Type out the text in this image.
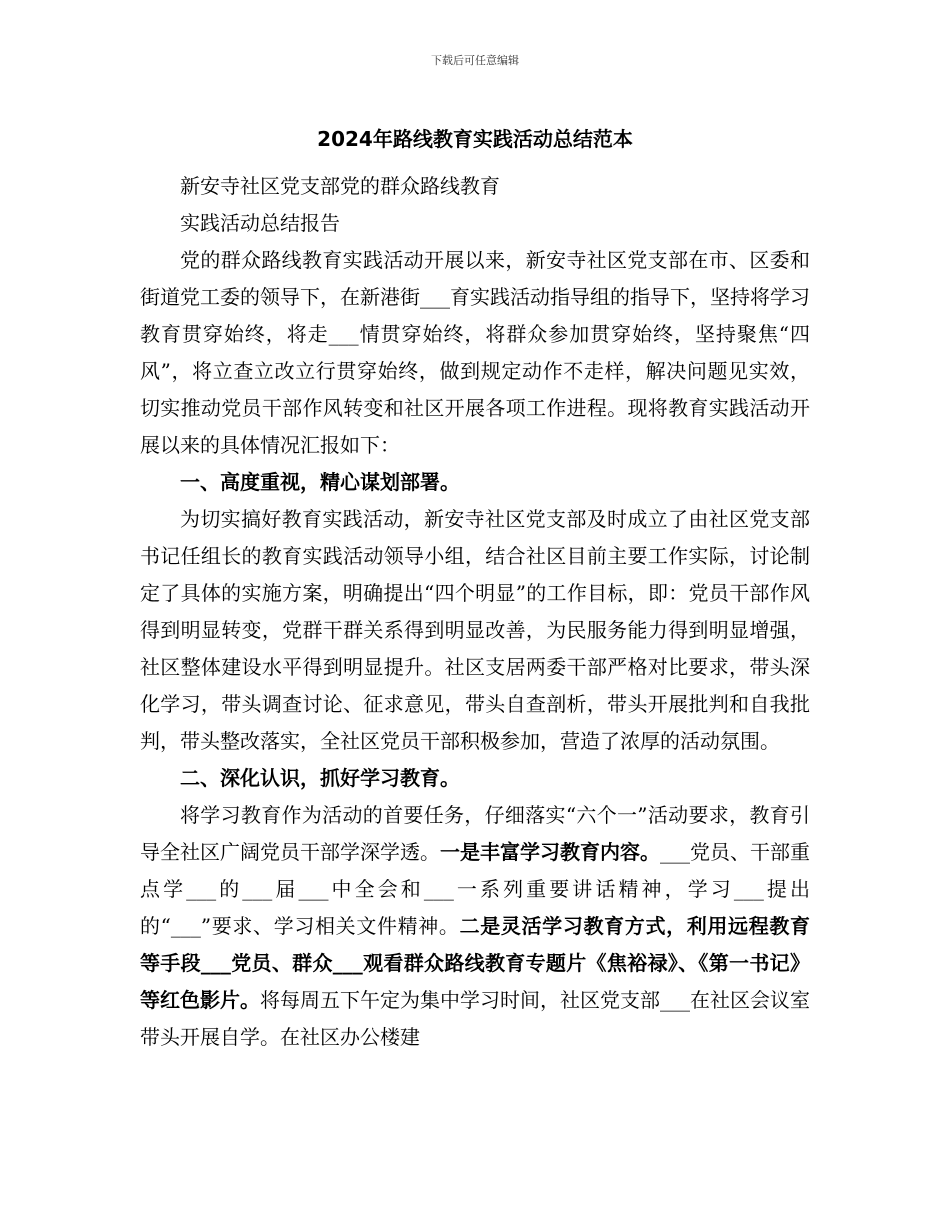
下载后可任意编辑
2024年路线教育实践活动总结范本

新安寺社区党支部党的群众路线教育

实践活动总结报告

党的群众路线教育实践活动开展以来，新安寺社区党支部在市、区委和街道党工委的领导下，在新港街___育实践活动指导组的指导下，坚持将学习教育贯穿始终，将走___情贯穿始终，将群众参加贯穿始终，坚持聚焦“四风”，将立查立改立行贯穿始终，做到规定动作不走样，解决问题见实效，切实推动党员干部作风转变和社区开展各项工作进程。现将教育实践活动开展以来的具体情况汇报如下：

一、高度重视，精心谋划部署。

为切实搞好教育实践活动，新安寺社区党支部及时成立了由社区党支部书记任组长的教育实践活动领导小组，结合社区目前主要工作实际，讨论制定了具体的实施方案，明确提出“四个明显”的工作目标，即：党员干部作风得到明显转变，党群干群关系得到明显改善，为民服务能力得到明显增强，社区整体建设水平得到明显提升。社区支居两委干部严格对比要求，带头深化学习，带头调查讨论、征求意见，带头自查剖析，带头开展批判和自我批判，带头整改落实，全社区党员干部积极参加，营造了浓厚的活动氛围。

二、深化认识，抓好学习教育。

将学习教育作为活动的首要任务，仔细落实“六个一”活动要求，教育引导全社区广阔党员干部学深学透。一是丰富学习教育内容。___党员、干部重点学___的___届___中全会和___一系列重要讲话精神，学习___提出的“___”要求、学习相关文件精神。二是灵活学习教育方式，利用远程教育等手段___党员、群众___观看群众路线教育专题片《焦裕禄》、《第一书记》等红色影片。将每周五下午定为集中学习时间，社区党支部___在社区会议室带头开展自学。在社区办公楼建
